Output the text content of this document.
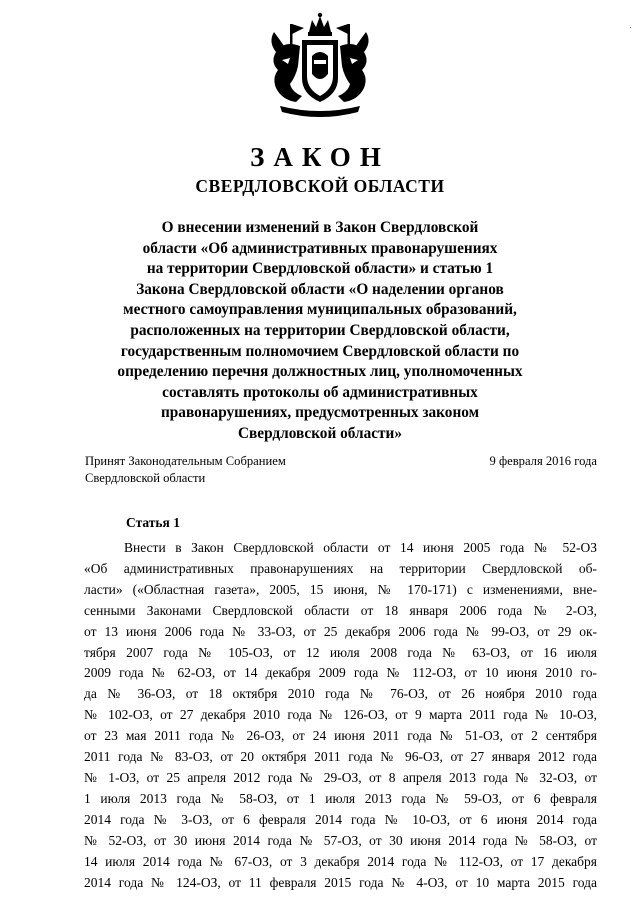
·
ЗАКОН
СВЕРДЛОВСКОЙ ОБЛАСТИ
О внесении изменений в Закон Свердловской
области «Об административных правонарушениях
на территории Свердловской области» и статью 1
Закона Свердловской области «О наделении органов
местного самоуправления муниципальных образований,
расположенных на территории Свердловской области,
государственным полномочием Свердловской области по
определению перечня должностных лиц, уполномоченных
составлять протоколы об административных
правонарушениях, предусмотренных законом
Свердловской области»
Принят Законодательным Собранием
Свердловской области
9 февраля 2016 года
Статья 1
Внести в Закон Свердловской области от 14 июня 2005 года № 52-ОЗ
«Об административных правонарушениях на территории Свердловской об-
ласти» («Областная газета», 2005, 15 июня, № 170-171) с изменениями, вне-
сенными Законами Свердловской области от 18 января 2006 года № 2-ОЗ,
от 13 июня 2006 года № 33-ОЗ, от 25 декабря 2006 года № 99-ОЗ, от 29 ок-
тября 2007 года № 105-ОЗ, от 12 июля 2008 года № 63-ОЗ, от 16 июля
2009 года № 62-ОЗ, от 14 декабря 2009 года № 112-ОЗ, от 10 июня 2010 го-
да № 36-ОЗ, от 18 октября 2010 года № 76-ОЗ, от 26 ноября 2010 года
№ 102-ОЗ, от 27 декабря 2010 года № 126-ОЗ, от 9 марта 2011 года № 10-ОЗ,
от 23 мая 2011 года № 26-ОЗ, от 24 июня 2011 года № 51-ОЗ, от 2 сентября
2011 года № 83-ОЗ, от 20 октября 2011 года № 96-ОЗ, от 27 января 2012 года
№ 1-ОЗ, от 25 апреля 2012 года № 29-ОЗ, от 8 апреля 2013 года № 32-ОЗ, от
1 июля 2013 года № 58-ОЗ, от 1 июля 2013 года № 59-ОЗ, от 6 февраля
2014 года № 3-ОЗ, от 6 февраля 2014 года № 10-ОЗ, от 6 июня 2014 года
№ 52-ОЗ, от 30 июня 2014 года № 57-ОЗ, от 30 июня 2014 года № 58-ОЗ, от
14 июля 2014 года № 67-ОЗ, от 3 декабря 2014 года № 112-ОЗ, от 17 декабря
2014 года № 124-ОЗ, от 11 февраля 2015 года № 4-ОЗ, от 10 марта 2015 года
